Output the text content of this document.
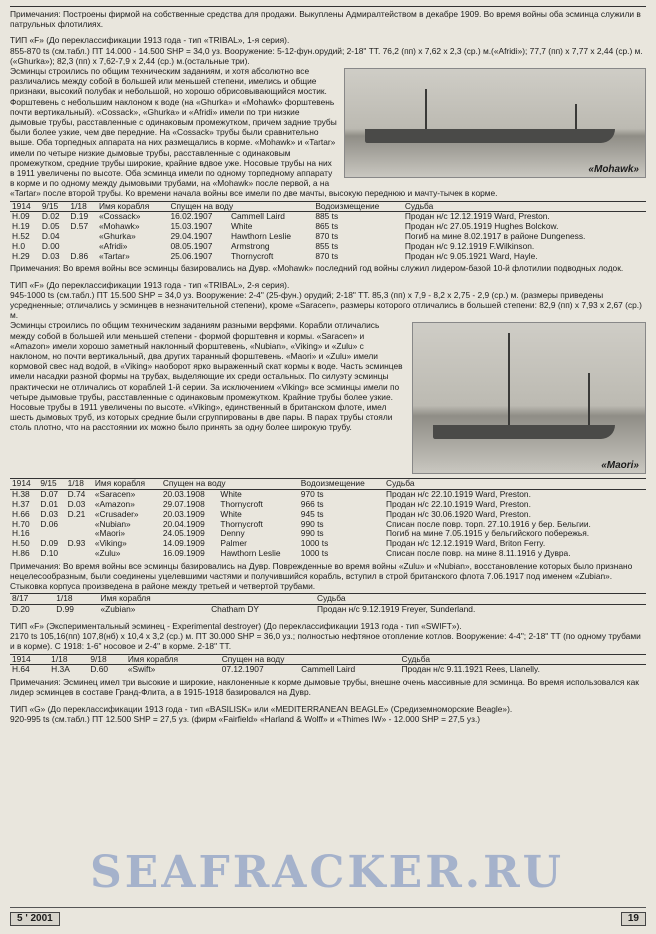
Примечания: Построены фирмой на собственные средства для продажи. Выкуплены Адмиралтейством в декабре 1909. Во время войны оба эсминца служили в патрульных флотилиях.

ТИП «F» (До переклассификации 1913 года - тип «TRIBAL», 1-я серия).

855-870 ts (см.табл.) ПТ 14.000 - 14.500 SHP = 34,0 уз. Вооружение: 5-12-фун.орудий; 2-18" ТТ. 76,2 (пп) х 7,62 х 2,3 (ср.) м.(«Afridi»); 77,7 (пп) х 7,77 х 2,44 (ср.) м.(«Ghurka»); 82,3 (пп) х 7,62-7,9 х 2,44 (ср.) м.(остальные три).

«Mohawk»

Эсминцы строились по общим техническим заданиям, и хотя абсолютно все различались между собой в большей или меньшей степени, имелись и общие признаки, высокий полубак и небольшой, но хорошо обрисовывающийся мостик. Форштевень с небольшим наклоном к воде (на «Ghurka» и «Mohawk» форштевень почти вертикальный). «Cossack», «Ghurka» и «Afridi» имели по три низкие дымовые трубы, расставленные с одинаковым промежутком, причем задние трубы были более узкие, чем две передние. На «Cossack» трубы были сравнительно выше. Оба торпедных аппарата на них размещались в корме. «Mohawk» и «Tartar» имели по четыре низкие дымовые трубы, расставленные с одинаковым промежутком, средние трубы широкие, крайние вдвое уже. Носовые трубы на них в 1911 увеличены по высоте. Оба эсминца имели по одному торпедному аппарату в корме и по одному между дымовыми трубами, на «Mohawk» после первой, а на «Tartar» после второй трубы. Ко времени начала войны все имели по две мачты, высокую переднюю и мачту-тычек в корме.

1914	9/15	1/18	Имя корабля	Спущен на воду		Водоизмещение	Судьба
H.09	D.02	D.19	«Cossack»	16.02.1907	Cammell Laird	885 ts	Продан н/с 12.12.1919 Ward, Preston.
H.19	D.05	D.57	«Mohawk»	15.03.1907	White	865 ts	Продан н/с 27.05.1919 Hughes Bolckow.
H.52	D.04		«Ghurka»	29.04.1907	Hawthorn Leslie	870 ts	Погиб на мине 8.02.1917 в районе Dungeness.
H.0	D.00		«Afridi»	08.05.1907	Armstrong	855 ts	Продан н/с 9.12.1919 F.Wilkinson.
H.29	D.03	D.86	«Tartar»	25.06.1907	Thornycroft	870 ts	Продан н/с 9.05.1921 Ward, Hayle.

Примечания: Во время войны все эсминцы базировались на Дувр. «Mohawk» последний год войны служил лидером-базой 10-й флотилии подводных лодок.

ТИП «F» (До переклассификации 1913 года - тип «TRIBAL», 2-я серия).

945-1000 ts (см.табл.) ПТ 15.500 SHP = 34,0 уз. Вооружение: 2-4" (25-фун.) орудий; 2-18" ТТ. 85,3 (пп) х 7,9 - 8,2 х 2,75 - 2,9 (ср.) м. (размеры приведены усредненные; отличались у эсминцев в незначительной степени), кроме «Saracen», размеры которого отличались в большей степени: 82,9 (пп) х 7,93 х 2,67 (ср.) м.

«Maori»

Эсминцы строились по общим техническим заданиям разными верфями. Корабли отличались между собой в большей или меньшей степени - формой форштевня и кормы. «Saracen» и «Amazon» имели хорошо заметный наклонный форштевень, «Nubian», «Viking» и «Zulu» с наклоном, но почти вертикальный, два других таранный форштевень. «Maori» и «Zulu» имели кормовой свес над водой, в «Viking» наоборот ярко выраженный скат кормы к воде. Часть эсминцев имели насадки разной формы на трубах, выделяющие их среди остальных. По силуэту эсминцы практически не отличались от кораблей 1-й серии. За исключением «Viking» все эсминцы имели по четыре дымовые трубы, расставленные с одинаковым промежутком. Крайние трубы более узкие. Носовые трубы в 1911 увеличены по высоте. «Viking», единственный в британском флоте, имел шесть дымовых труб, из которых средние были сгруппированы в две пары. В парах трубы стояли столь плотно, что на расстоянии их можно было принять за одну более широкую трубу.

1914	9/15	1/18	Имя корабля	Спущен на воду		Водоизмещение	Судьба
H.38	D.07	D.74	«Saracen»	20.03.1908	White	970 ts	Продан н/с 22.10.1919 Ward, Preston.
H.37	D.01	D.03	«Amazon»	29.07.1908	Thornycroft	966 ts	Продан н/с 22.10.1919 Ward, Preston.
H.66	D.03	D.21	«Crusader»	20.03.1909	White	945 ts	Продан н/с 30.06.1920 Ward, Preston.
H.70	D.06		«Nubian»	20.04.1909	Thornycroft	990 ts	Списан после повр. торп. 27.10.1916 у бер. Бельгии.
H.16			«Maori»	24.05.1909	Denny	990 ts	Погиб на мине 7.05.1915 у бельгийского побережья.
H.50	D.09	D.93	«Viking»	14.09.1909	Palmer	1000 ts	Продан н/с 12.12.1919 Ward, Briton Ferry.
H.86	D.10		«Zulu»	16.09.1909	Hawthorn Leslie	1000 ts	Списан после повр. на мине 8.11.1916 у Дувра.

Примечания: Во время войны все эсминцы базировались на Дувр. Поврежденные во время войны «Zulu» и «Nubian», восстановление которых было признано нецелесообразным, были соединены уцелевшими частями и получившийся корабль, вступил в строй британского флота 7.06.1917 под именем «Zubian». Стыковка корпуса произведена в районе между третьей и четвертой трубами.

8/17	1/18	Имя корабля		Судьба
D.20	D.99	«Zubian»	Chatham DY	Продан н/с 9.12.1919 Freyer, Sunderland.

ТИП «F» (Экспериментальный эсминец - Experimental destroyer) (До переклассификации 1913 года - тип «SWIFT»).

2170 ts 105,16(пп) 107,8(нб) х 10,4 х 3,2 (ср.) м. ПТ 30.000 SHP = 36,0 уз.; полностью нефтяное отопление котлов. Вооружение: 4-4"; 2-18" ТТ (по одному трубами и в корме). С 1918: 1-6" носовое и 2-4" в корме. 2-18" ТТ.

1914	1/18	9/18	Имя корабля	Спущен на воду		Судьба
H.64	H.3A	D.60	«Swift»	07.12.1907	Cammell Laird	Продан н/с 9.11.1921 Rees, Llanelly.

Примечания: Эсминец имел три высокие и широкие, наклоненные к корме дымовые трубы, внешне очень массивные для эсминца. Во время использовался как лидер эсминцев в составе Гранд-Флита, а в 1915-1918 базировался на Дувр.

ТИП «G» (До переклассификации 1913 года - тип «BASILISK» или «MEDITERRANEAN BEAGLE» (Средиземноморские Beagle»).

920-995 ts (см.табл.) ПТ 12.500 SHP = 27,5 уз. (фирм «Fairfield» «Harland & Wolff» и «Thimes IW» - 12.000 SHP = 27,5 уз.)

SEAFRACKER.RU
5 ' 2001	19
